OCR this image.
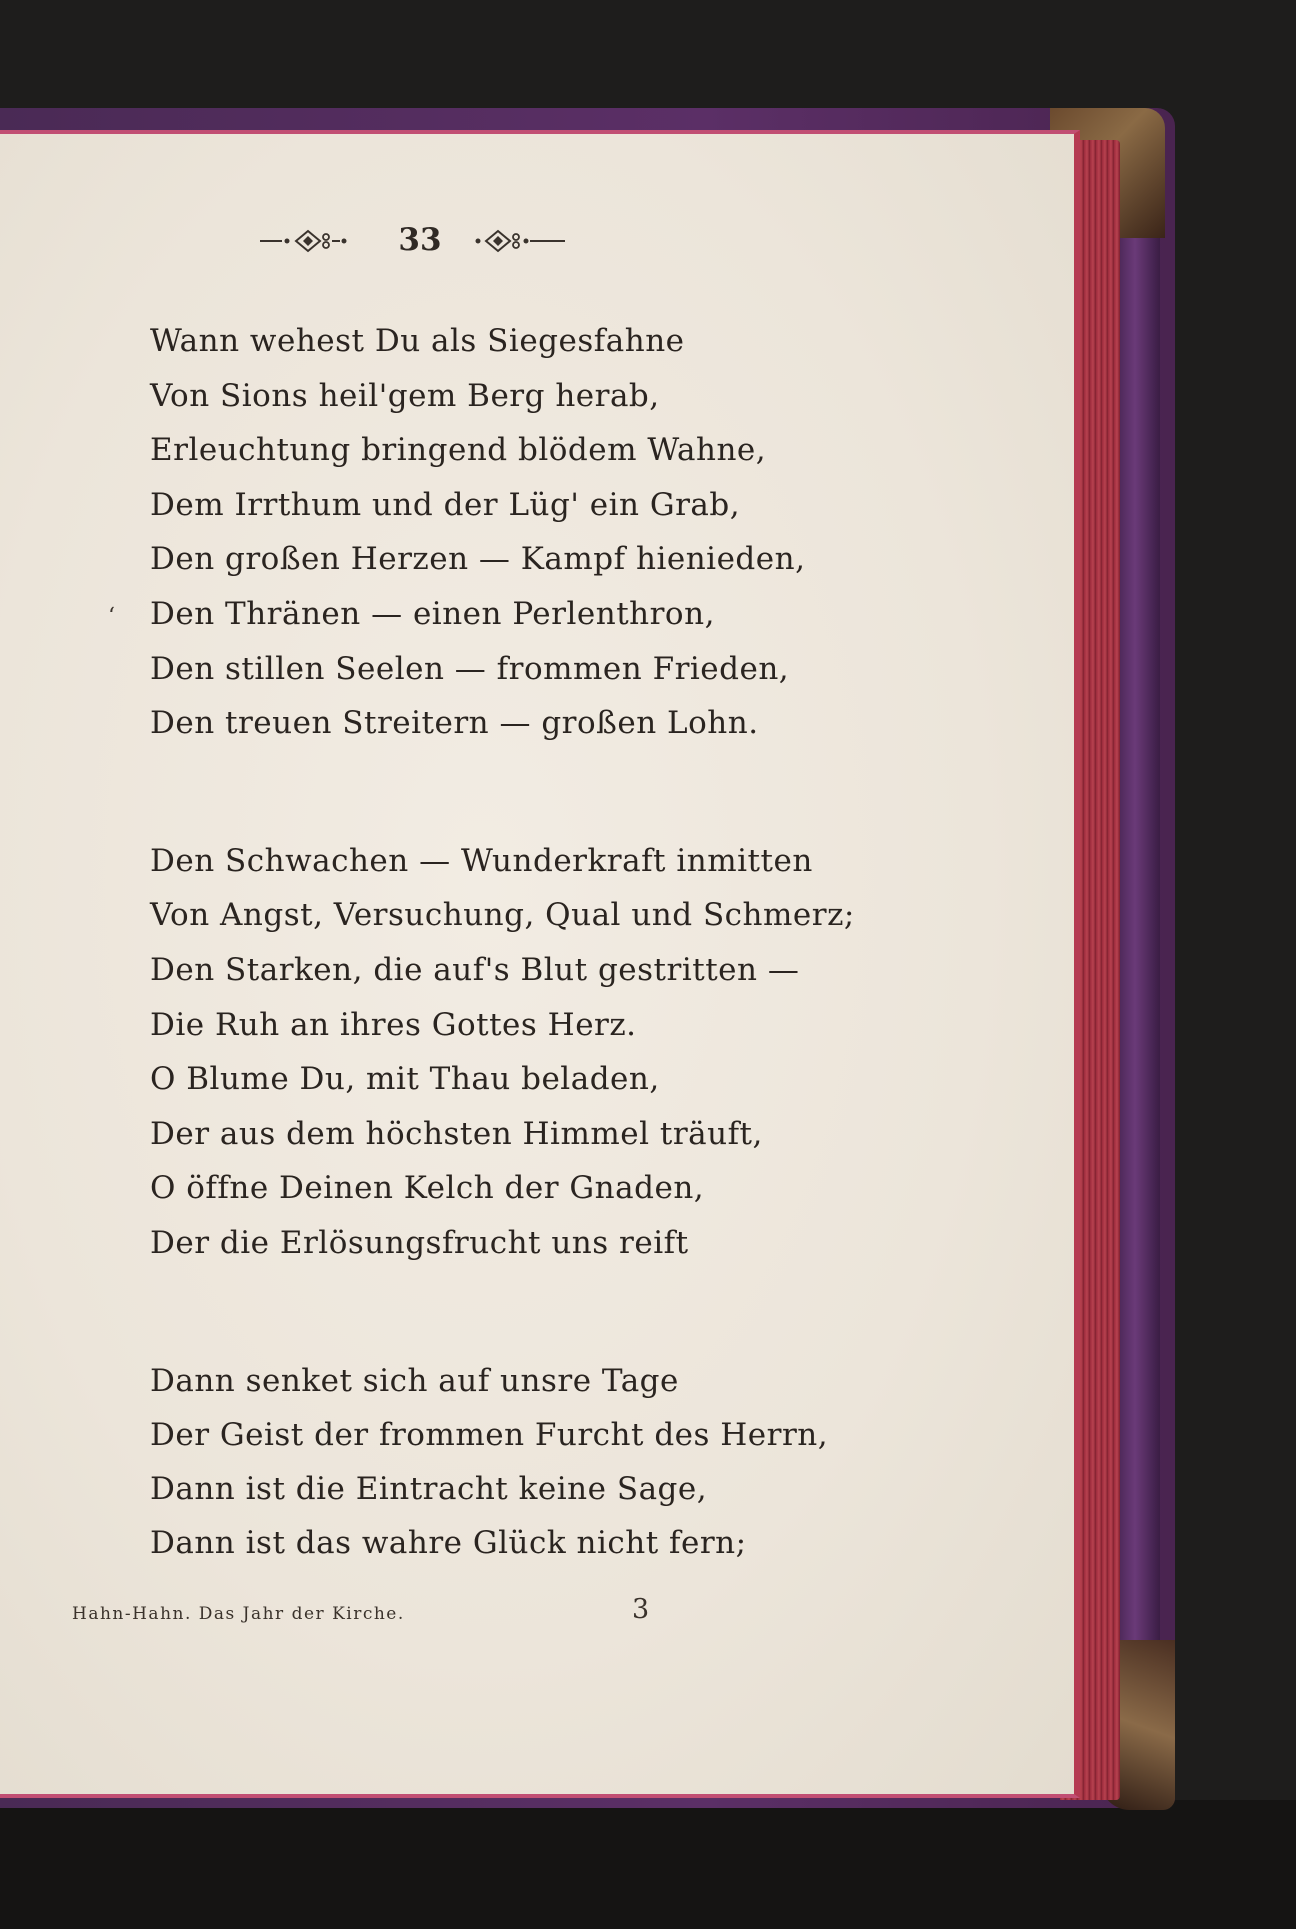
33
‘
Wann wehest Du als Siegesfahne
Von Sions heil'gem Berg herab,
Erleuchtung bringend blödem Wahne,
Dem Irrthum und der Lüg' ein Grab,
Den großen Herzen — Kampf hienieden,
Den Thränen — einen Perlenthron,
Den stillen Seelen — frommen Frieden,
Den treuen Streitern — großen Lohn.
Den Schwachen — Wunderkraft inmitten
Von Angst, Versuchung, Qual und Schmerz;
Den Starken, die auf's Blut gestritten —
Die Ruh an ihres Gottes Herz.
O Blume Du, mit Thau beladen,
Der aus dem höchsten Himmel träuft,
O öffne Deinen Kelch der Gnaden,
Der die Erlösungsfrucht uns reift
Dann senket sich auf unsre Tage
Der Geist der frommen Furcht des Herrn,
Dann ist die Eintracht keine Sage,
Dann ist das wahre Glück nicht fern;
Hahn-Hahn. Das Jahr der Kirche.	3
